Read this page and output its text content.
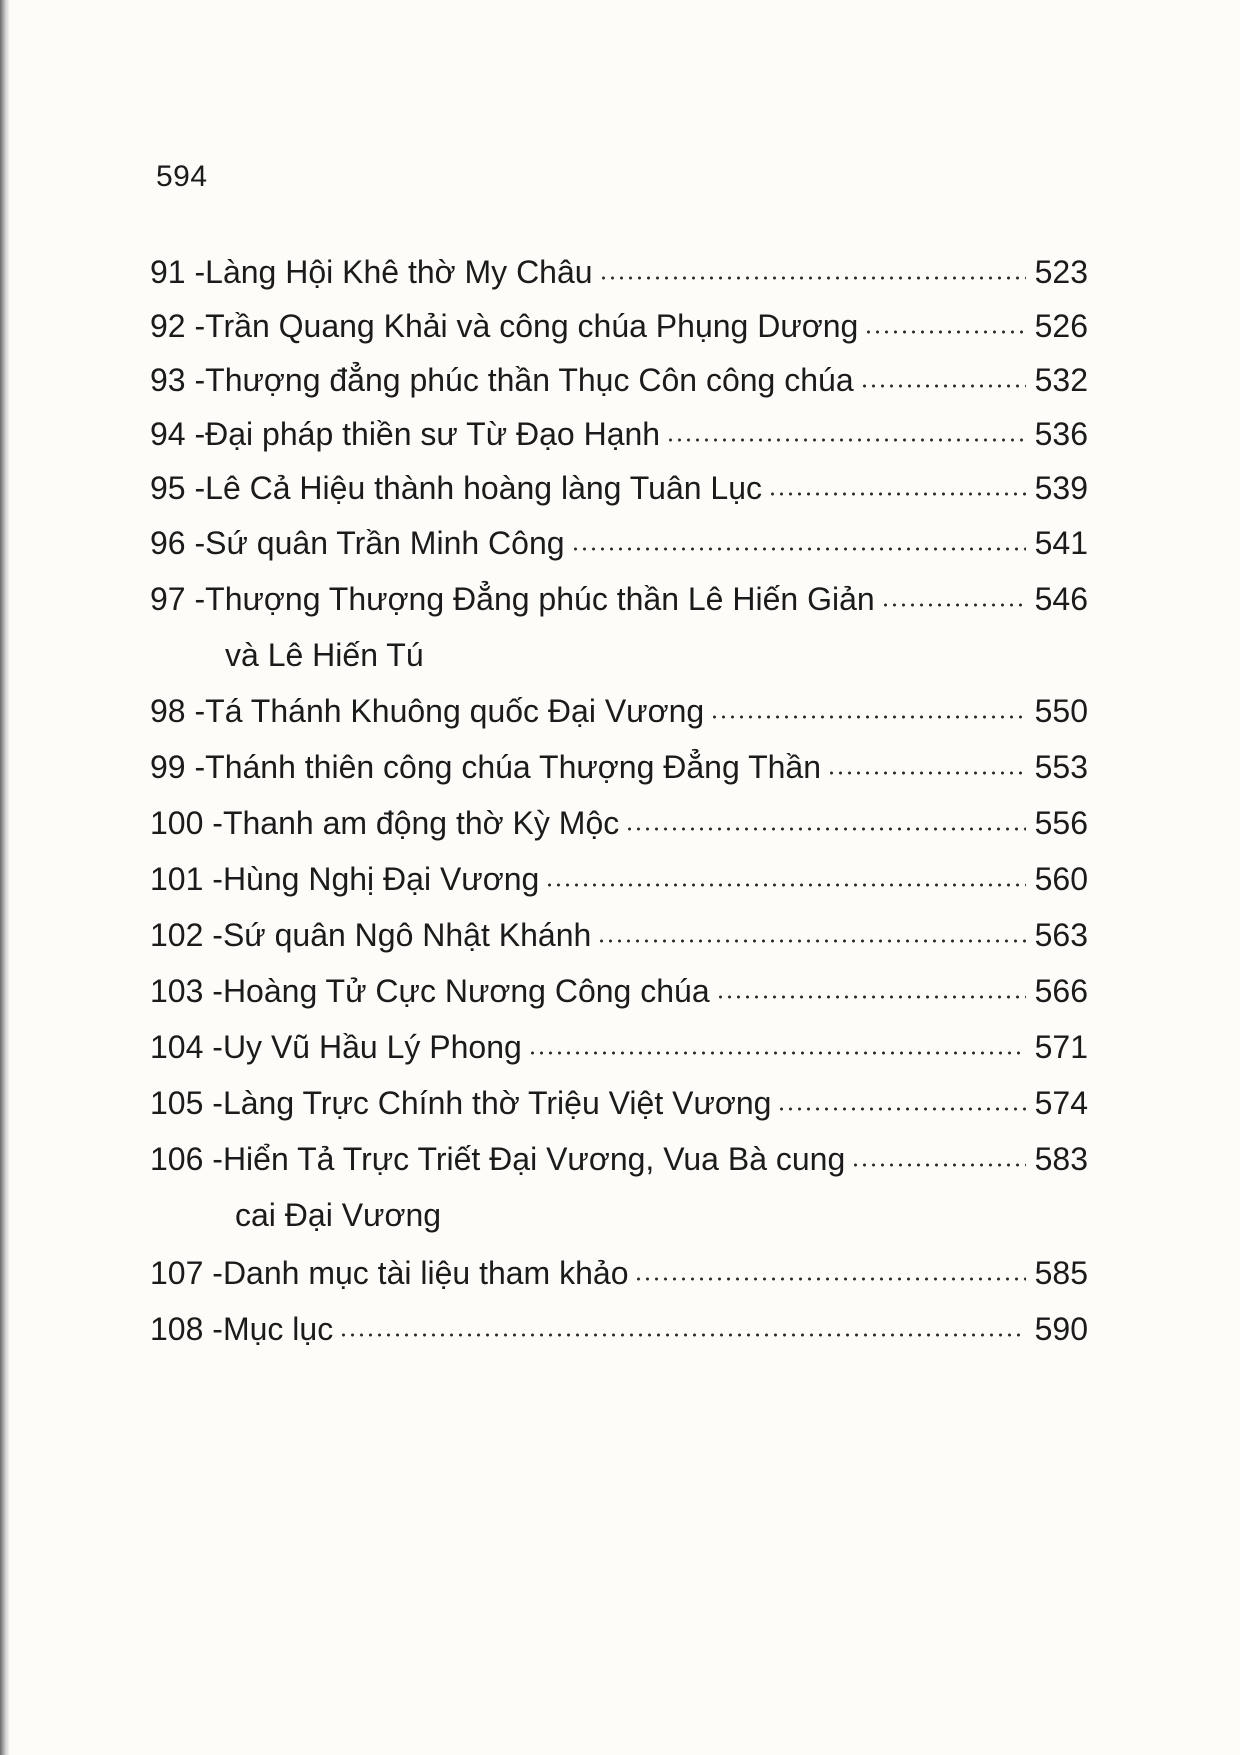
594
91 - Làng Hội Khê thờ My Châu	523
92 - Trần Quang Khải và công chúa Phụng Dương	526
93 - Thượng đẳng phúc thần Thục Côn công chúa	532
94 - Đại pháp thiền sư Từ Đạo Hạnh	536
95 - Lê Cả Hiệu thành hoàng làng Tuân Lục	539
96 - Sứ quân Trần Minh Công	541
97 - Thượng Thượng Đẳng phúc thần Lê Hiến Giản	546
và Lê Hiến Tú
98 - Tá Thánh Khuông quốc Đại Vương	550
99 - Thánh thiên công chúa Thượng Đẳng Thần	553
100 - Thanh am động thờ Kỳ Mộc	556
101 - Hùng Nghị Đại Vương	560
102 - Sứ quân Ngô Nhật Khánh	563
103 - Hoàng Tử Cực Nương Công chúa	566
104 - Uy Vũ Hầu Lý Phong	571
105 - Làng Trực Chính thờ Triệu Việt Vương	574
106 - Hiển Tả Trực Triết Đại Vương, Vua Bà cung	583
cai Đại Vương
107 - Danh mục tài liệu tham khảo	585
108 - Mục lục	590
